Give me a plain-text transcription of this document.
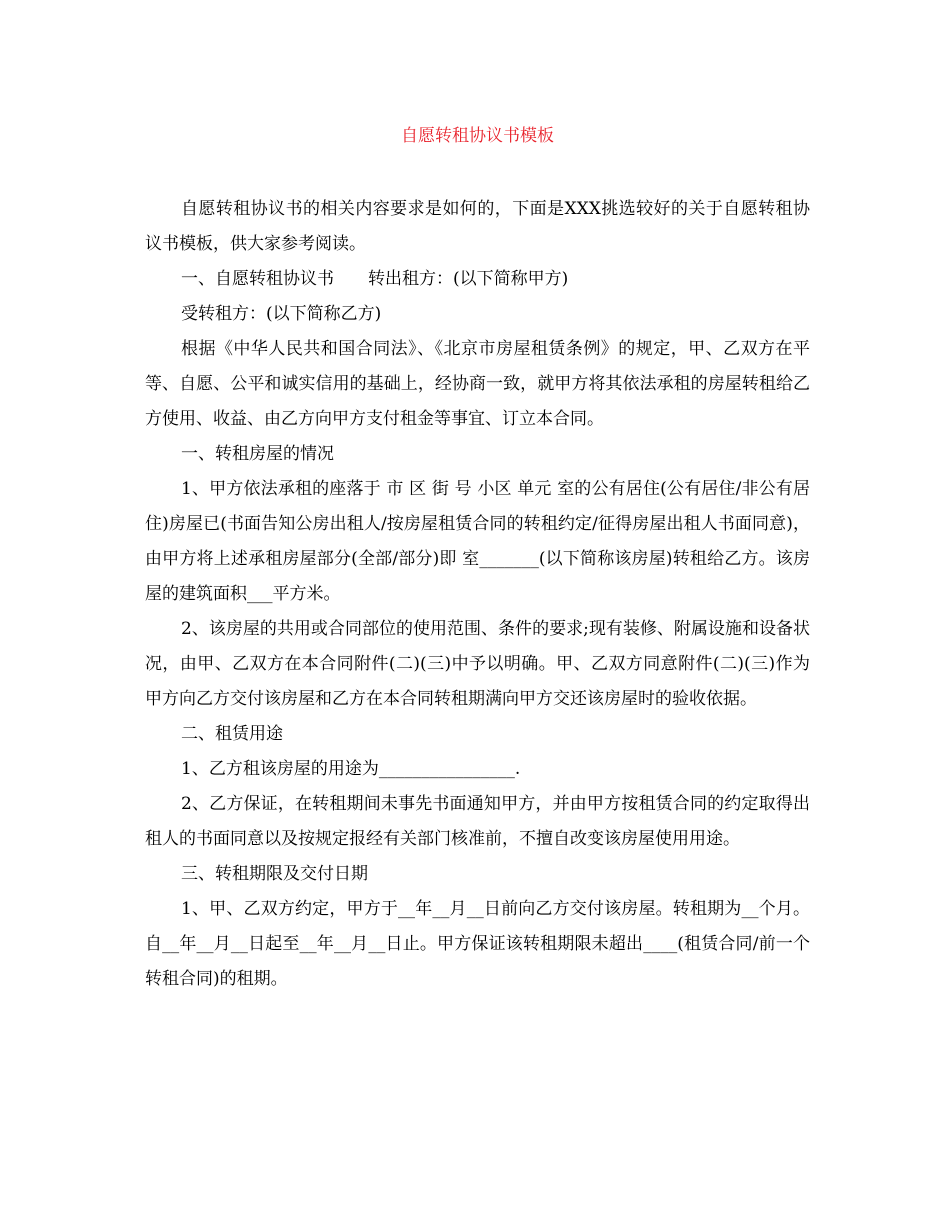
自愿转租协议书模板

自愿转租协议书的相关内容要求是如何的，下面是XXX挑选较好的关于自愿转租协议书模板，供大家参考阅读。

一、自愿转租协议书　　转出租方：(以下简称甲方)

受转租方：(以下简称乙方)

根据《中华人民共和国合同法》、《北京市房屋租赁条例》的规定，甲、乙双方在平等、自愿、公平和诚实信用的基础上，经协商一致，就甲方将其依法承租的房屋转租给乙方使用、收益、由乙方向甲方支付租金等事宜、订立本合同。

一、转租房屋的情况

1、甲方依法承租的座落于 市 区 街 号 小区 单元 室的公有居住(公有居住/非公有居住)房屋已(书面告知公房出租人/按房屋租赁合同的转租约定/征得房屋出租人书面同意)，由甲方将上述承租房屋部分(全部/部分)即 室_______(以下简称该房屋)转租给乙方。该房屋的建筑面积___平方米。

2、该房屋的共用或合同部位的使用范围、条件的要求;现有装修、附属设施和设备状况，由甲、乙双方在本合同附件(二)(三)中予以明确。甲、乙双方同意附件(二)(三)作为甲方向乙方交付该房屋和乙方在本合同转租期满向甲方交还该房屋时的验收依据。

二、租赁用途

1、乙方租该房屋的用途为________________.

2、乙方保证，在转租期间未事先书面通知甲方，并由甲方按租赁合同的约定取得出租人的书面同意以及按规定报经有关部门核准前，不擅自改变该房屋使用用途。

三、转租期限及交付日期

1、甲、乙双方约定，甲方于__年__月__日前向乙方交付该房屋。转租期为__个月。自__年__月__日起至__年__月__日止。甲方保证该转租期限未超出____(租赁合同/前一个转租合同)的租期。
